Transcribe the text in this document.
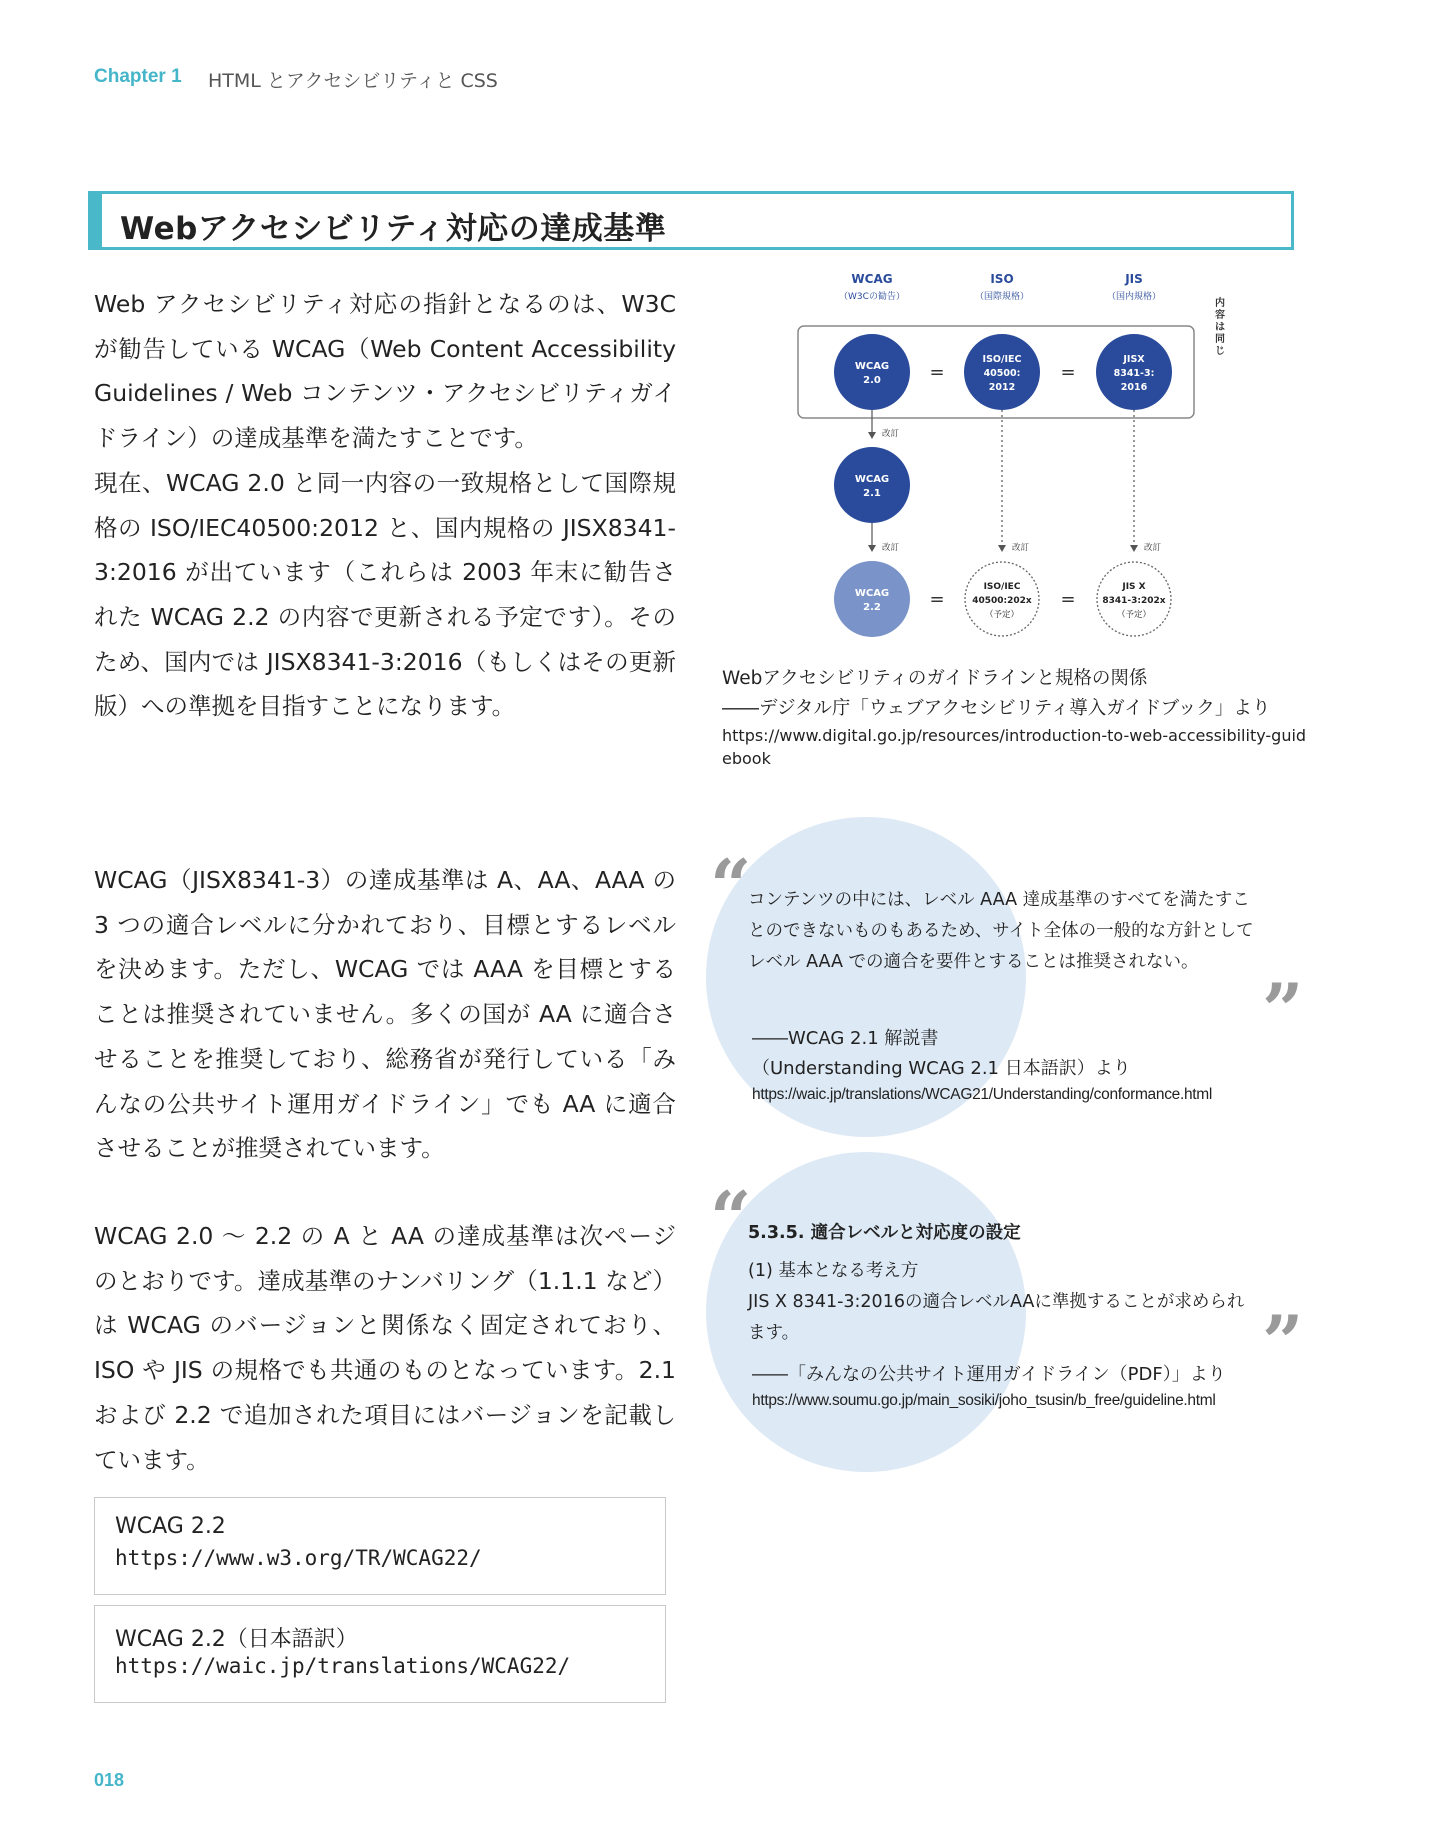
Chapter 1 HTML とアクセシビリティと CSS
Webアクセシビリティ対応の達成基準

Web アクセシビリティ対応の指針となるのは、W3C が勧告している WCAG（Web Content Accessibility Guidelines / Web コンテンツ・アクセシビリティガイドライン）の達成基準を満たすことです。

現在、WCAG 2.0 と同一内容の一致規格として国際規格の ISO/IEC40500:2012 と、国内規格の JISX8341-3:2016 が出ています（これらは 2003 年末に勧告された WCAG 2.2 の内容で更新される予定です）。そのため、国内では JISX8341-3:2016（もしくはその更新版）への準拠を目指すことになります。

WCAG
（W3Cの勧告）
ISO
（国際規格）
JIS
（国内規格）
内容は同じ
WCAG
2.0	=
ISO/IEC
40500:
2012
=
JISX
8341-3:
2016
改訂
WCAG
2.1
改訂	改訂	改訂
WCAG
2.2	=
ISO/IEC
40500:202x
（予定）
=
JIS X
8341-3:202x
（予定）
Webアクセシビリティのガイドラインと規格の関係
――デジタル庁「ウェブアクセシビリティ導入ガイドブック」より
https://www.digital.go.jp/resources/introduction-to-web-accessibility-guidebook

WCAG（JISX8341-3）の達成基準は A、AA、AAA の 3 つの適合レベルに分かれており、目標とするレベルを決めます。ただし、WCAG では AAA を目標とすることは推奨されていません。多くの国が AA に適合させることを推奨しており、総務省が発行している「みんなの公共サイト運用ガイドライン」でも AA に適合させることが推奨されています。

WCAG 2.0 〜 2.2 の A と AA の達成基準は次ページのとおりです。達成基準のナンバリング（1.1.1 など）は WCAG のバージョンと関係なく固定されており、ISO や JIS の規格でも共通のものとなっています。2.1 および 2.2 で追加された項目にはバージョンを記載しています。

“
”
コンテンツの中には、レベル AAA 達成基準のすべてを満たすことのできないものもあるため、サイト全体の一般的な方針としてレベル AAA での適合を要件とすることは推奨されない。
――WCAG 2.1 解説書
（Understanding WCAG 2.1 日本語訳）より
https://waic.jp/translations/WCAG21/Understanding/conformance.html
“
”
5.3.5. 適合レベルと対応度の設定
(1) 基本となる考え方
JIS X 8341-3:2016の適合レベルAAに準拠することが求められます。
――「みんなの公共サイト運用ガイドライン（PDF）」より
https://www.soumu.go.jp/main_sosiki/joho_tsusin/b_free/guideline.html
WCAG 2.2
https://www.w3.org/TR/WCAG22/
WCAG 2.2（日本語訳）
https://waic.jp/translations/WCAG22/
018
